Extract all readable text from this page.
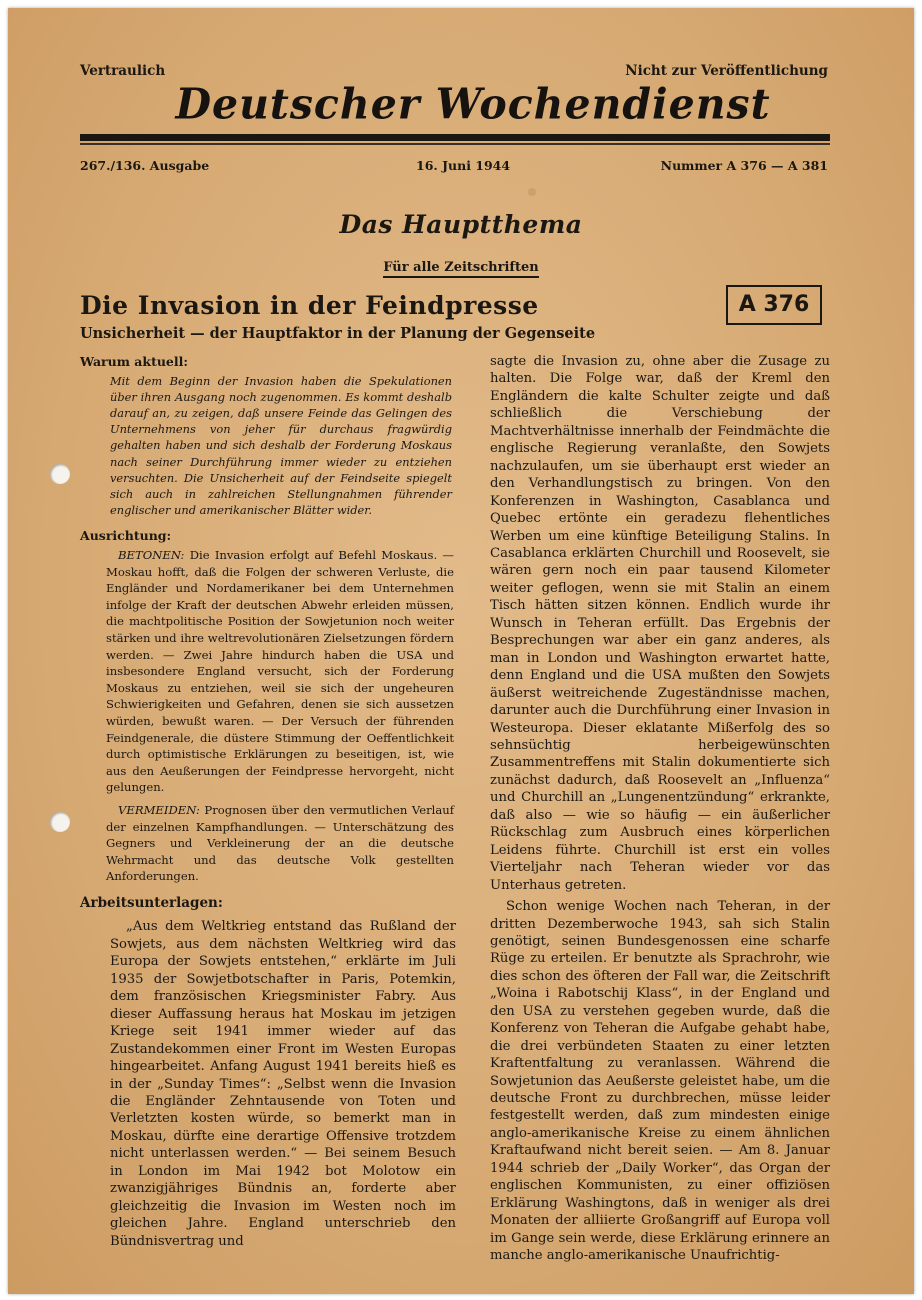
Vertraulich	Nicht zur Veröffentlichung
Deutscher Wochendienst
267./136. Ausgabe	16. Juni 1944	Nummer A 376 — A 381
Das Hauptthema
Für alle Zeitschriften
Die Invasion in der Feindpresse
Unsicherheit — der Hauptfaktor in der Planung der Gegenseite
A 376

Warum aktuell:

Mit dem Beginn der Invasion haben die Spekulationen über ihren Ausgang noch zugenommen. Es kommt deshalb darauf an, zu zeigen, daß unsere Feinde das Gelingen des Unternehmens von jeher für durchaus fragwürdig gehalten haben und sich deshalb der Forderung Moskaus nach seiner Durchführung immer wieder zu entziehen versuchten. Die Unsicherheit auf der Feindseite spiegelt sich auch in zahlreichen Stellungnahmen führender englischer und amerikanischer Blätter wider.

Ausrichtung:

BETONEN: Die Invasion erfolgt auf Befehl Moskaus. — Moskau hofft, daß die Folgen der schweren Verluste, die Engländer und Nordamerikaner bei dem Unternehmen infolge der Kraft der deutschen Abwehr erleiden müssen, die machtpolitische Position der Sowjetunion noch weiter stärken und ihre weltrevolutionären Zielsetzungen fördern werden. — Zwei Jahre hindurch haben die USA und insbesondere England versucht, sich der Forderung Moskaus zu entziehen, weil sie sich der ungeheuren Schwierigkeiten und Gefahren, denen sie sich aussetzen würden, bewußt waren. — Der Versuch der führenden Feindgenerale, die düstere Stimmung der Oeffentlichkeit durch optimistische Erklärungen zu beseitigen, ist, wie aus den Aeußerungen der Feindpresse hervorgeht, nicht gelungen.

VERMEIDEN: Prognosen über den vermutlichen Verlauf der einzelnen Kampfhandlungen. — Unterschätzung des Gegners und Verkleinerung der an die deutsche Wehrmacht und das deutsche Volk gestellten Anforderungen.

Arbeitsunterlagen:

„Aus dem Weltkrieg entstand das Rußland der Sowjets, aus dem nächsten Weltkrieg wird das Europa der Sowjets entstehen,“ erklärte im Juli 1935 der Sowjetbotschafter in Paris, Potemkin, dem französischen Kriegsminister Fabry. Aus dieser Auffassung heraus hat Moskau im jetzigen Kriege seit 1941 immer wieder auf das Zustandekommen einer Front im Westen Europas hingearbeitet. Anfang August 1941 bereits hieß es in der „Sunday Times“: „Selbst wenn die Invasion die Engländer Zehntausende von Toten und Verletzten kosten würde, so bemerkt man in Moskau, dürfte eine derartige Offensive trotzdem nicht unterlassen werden.“ — Bei seinem Besuch in London im Mai 1942 bot Molotow ein zwanzigjähriges Bündnis an, forderte aber gleichzeitig die Invasion im Westen noch im gleichen Jahre. England unterschrieb den Bündnisvertrag und

sagte die Invasion zu, ohne aber die Zusage zu halten. Die Folge war, daß der Kreml den Engländern die kalte Schulter zeigte und daß schließlich die Verschiebung der Machtverhältnisse innerhalb der Feindmächte die englische Regierung veranlaßte, den Sowjets nachzulaufen, um sie überhaupt erst wieder an den Verhandlungstisch zu bringen. Von den Konferenzen in Washington, Casablanca und Quebec ertönte ein geradezu flehentliches Werben um eine künftige Beteiligung Stalins. In Casablanca erklärten Churchill und Roosevelt, sie wären gern noch ein paar tausend Kilometer weiter geflogen, wenn sie mit Stalin an einem Tisch hätten sitzen können. Endlich wurde ihr Wunsch in Teheran erfüllt. Das Ergebnis der Besprechungen war aber ein ganz anderes, als man in London und Washington erwartet hatte, denn England und die USA mußten den Sowjets äußerst weitreichende Zugeständnisse machen, darunter auch die Durchführung einer Invasion in Westeuropa. Dieser eklatante Mißerfolg des so sehnsüchtig herbeigewünschten Zusammentreffens mit Stalin dokumentierte sich zunächst dadurch, daß Roosevelt an „Influenza“ und Churchill an „Lungenentzündung“ erkrankte, daß also — wie so häufig — ein äußerlicher Rückschlag zum Ausbruch eines körperlichen Leidens führte. Churchill ist erst ein volles Vierteljahr nach Teheran wieder vor das Unterhaus getreten.

Schon wenige Wochen nach Teheran, in der dritten Dezemberwoche 1943, sah sich Stalin genötigt, seinen Bundesgenossen eine scharfe Rüge zu erteilen. Er benutzte als Sprachrohr, wie dies schon des öfteren der Fall war, die Zeitschrift „Woina i Rabotschij Klass“, in der England und den USA zu verstehen gegeben wurde, daß die Konferenz von Teheran die Aufgabe gehabt habe, die drei verbündeten Staaten zu einer letzten Kraftentfaltung zu veranlassen. Während die Sowjetunion das Aeußerste geleistet habe, um die deutsche Front zu durchbrechen, müsse leider festgestellt werden, daß zum mindesten einige anglo-amerikanische Kreise zu einem ähnlichen Kraftaufwand nicht bereit seien. — Am 8. Januar 1944 schrieb der „Daily Worker“, das Organ der englischen Kommunisten, zu einer offiziösen Erklärung Washingtons, daß in weniger als drei Monaten der alliierte Großangriff auf Europa voll im Gange sein werde, diese Erklärung erinnere an manche anglo-amerikanische Unaufrichtig-
